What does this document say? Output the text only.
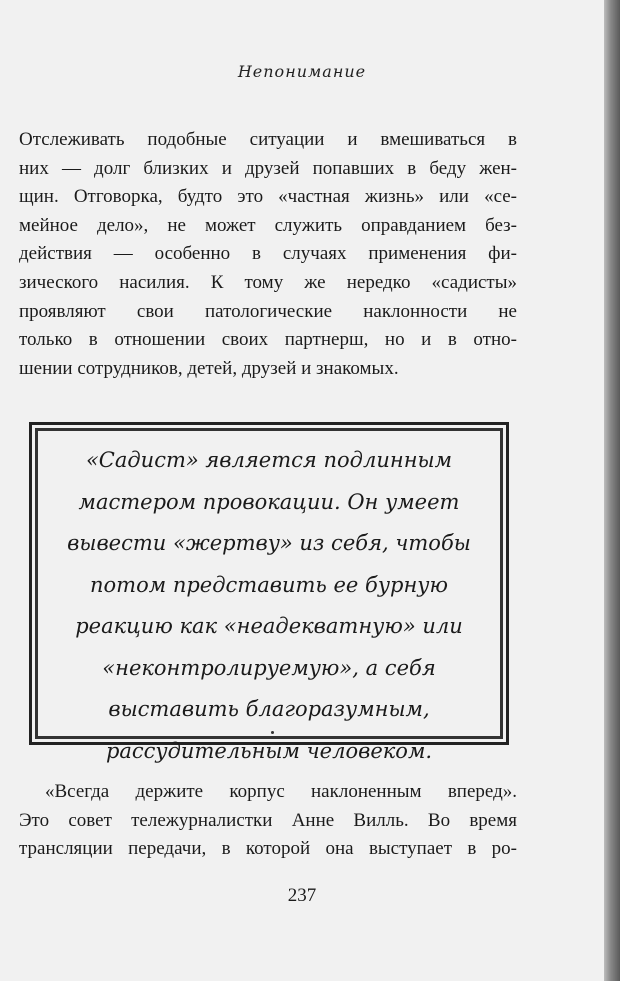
Непонимание
Отслеживать подобные ситуации и вмешиваться в
них — долг близких и друзей попавших в беду жен-
щин. Отговорка, будто это «частная жизнь» или «се-
мейное дело», не может служить оправданием без-
действия — особенно в случаях применения фи-
зического насилия. К тому же нередко «садисты»
проявляют свои патологические наклонности не
только в отношении своих партнерш, но и в отно-
шении сотрудников, детей, друзей и знакомых.
«Садист» является подлинным
мастером провокации. Он умеет
вывести «жертву» из себя, чтобы
потом представить ее бурную
реакцию как «неадекватную» или
«неконтролируемую», а себя
выставить благоразумным,
рассудительным человеком.
«Всегда держите корпус наклоненным вперед».
Это совет тележурналистки Анне Вилль. Во время
трансляции передачи, в которой она выступает в ро-
237
